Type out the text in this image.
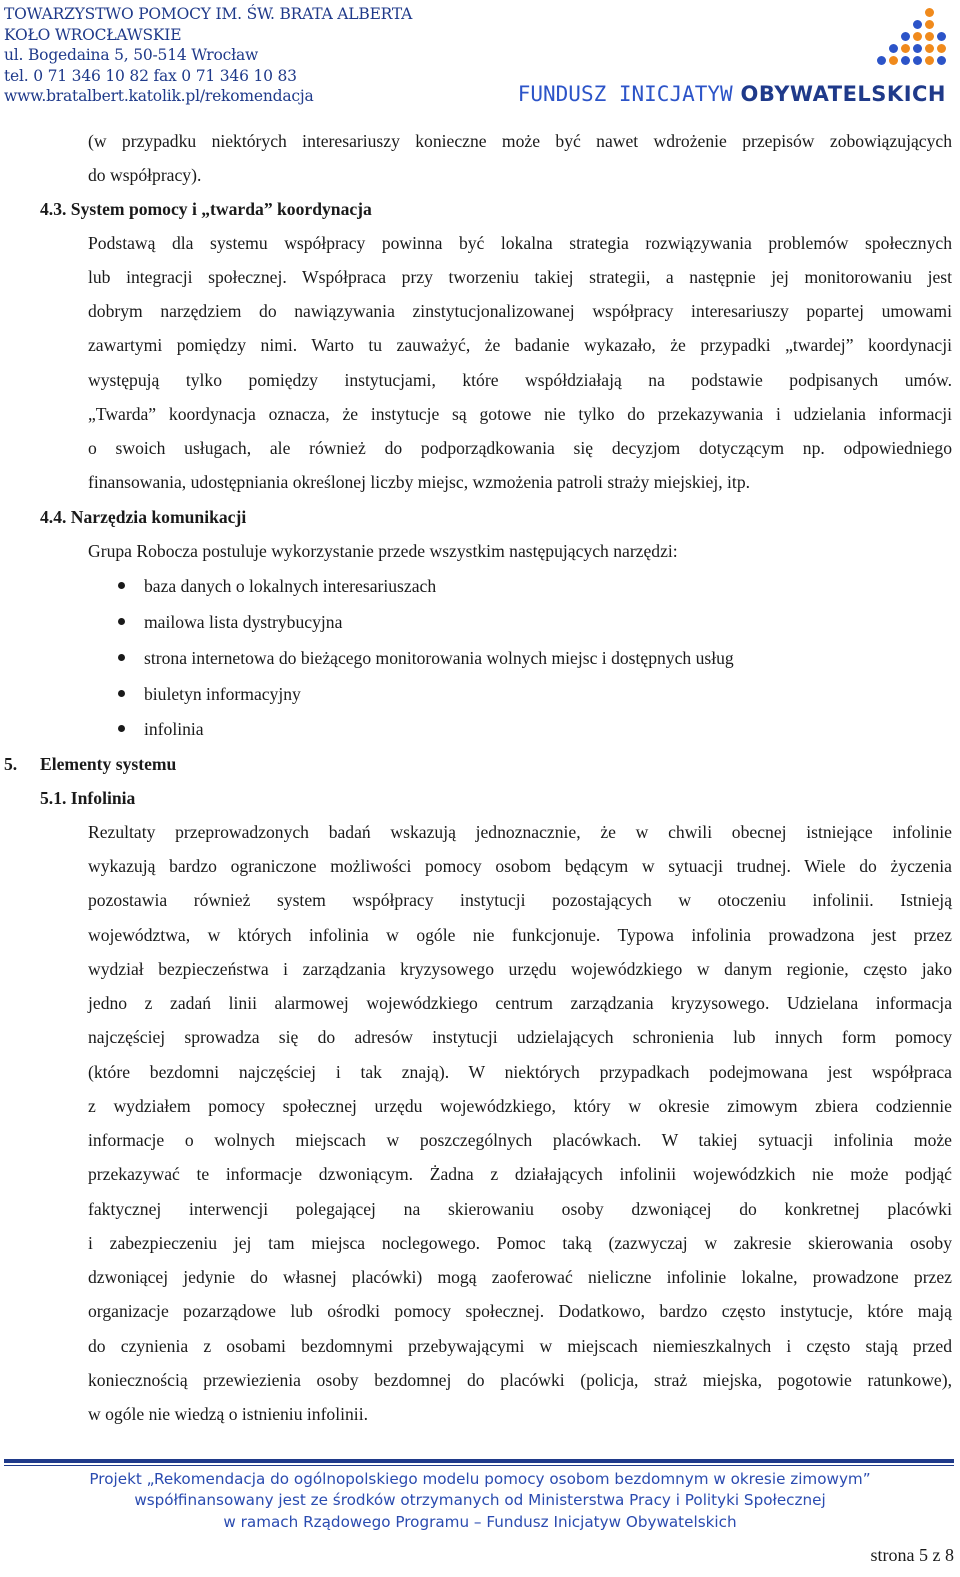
TOWARZYSTWO POMOCY IM. ŚW. BRATA ALBERTA
KOŁO WROCŁAWSKIE
ul. Bogedaina 5, 50-514 Wrocław
tel. 0 71 346 10 82 fax 0 71 346 10 83
www.bratalbert.katolik.pl/rekomendacja	FUNDUSZ INICJATYW OBYWATELSKICH
(w przypadku niektórych interesariuszy konieczne może być nawet wdrożenie przepisów zobowiązujących
do współpracy).
4.3. System pomocy i „twarda” koordynacja
Podstawą dla systemu współpracy powinna być lokalna strategia rozwiązywania problemów społecznych
lub integracji społecznej. Współpraca przy tworzeniu takiej strategii, a następnie jej monitorowaniu jest
dobrym narzędziem do nawiązywania zinstytucjonalizowanej współpracy interesariuszy popartej umowami
zawartymi pomiędzy nimi. Warto tu zauważyć, że badanie wykazało, że przypadki „twardej” koordynacji
występują tylko pomiędzy instytucjami, które współdziałają na podstawie podpisanych umów.
„Twarda” koordynacja oznacza, że instytucje są gotowe nie tylko do przekazywania i udzielania informacji
o swoich usługach, ale również do podporządkowania się decyzjom dotyczącym np. odpowiedniego
finansowania, udostępniania określonej liczby miejsc, wzmożenia patroli straży miejskiej, itp.
4.4. Narzędzia komunikacji
Grupa Robocza postuluje wykorzystanie przede wszystkim następujących narzędzi:
baza danych o lokalnych interesariuszach
mailowa lista dystrybucyjna
strona internetowa do bieżącego monitorowania wolnych miejsc i dostępnych usług
biuletyn informacyjny
infolinia
5. Elementy systemu
5.1. Infolinia
Rezultaty przeprowadzonych badań wskazują jednoznacznie, że w chwili obecnej istniejące infolinie
wykazują bardzo ograniczone możliwości pomocy osobom będącym w sytuacji trudnej. Wiele do życzenia
pozostawia również system współpracy instytucji pozostających w otoczeniu infolinii. Istnieją
województwa, w których infolinia w ogóle nie funkcjonuje. Typowa infolinia prowadzona jest przez
wydział bezpieczeństwa i zarządzania kryzysowego urzędu wojewódzkiego w danym regionie, często jako
jedno z zadań linii alarmowej wojewódzkiego centrum zarządzania kryzysowego. Udzielana informacja
najczęściej sprowadza się do adresów instytucji udzielających schronienia lub innych form pomocy
(które bezdomni najczęściej i tak znają). W niektórych przypadkach podejmowana jest współpraca
z wydziałem pomocy społecznej urzędu wojewódzkiego, który w okresie zimowym zbiera codziennie
informacje o wolnych miejscach w poszczególnych placówkach. W takiej sytuacji infolinia może
przekazywać te informacje dzwoniącym. Żadna z działających infolinii wojewódzkich nie może podjąć
faktycznej interwencji polegającej na skierowaniu osoby dzwoniącej do konkretnej placówki
i zabezpieczeniu jej tam miejsca noclegowego. Pomoc taką (zazwyczaj w zakresie skierowania osoby
dzwoniącej jedynie do własnej placówki) mogą zaoferować nieliczne infolinie lokalne, prowadzone przez
organizacje pozarządowe lub ośrodki pomocy społecznej. Dodatkowo, bardzo często instytucje, które mają
do czynienia z osobami bezdomnymi przebywającymi w miejscach niemieszkalnych i często stają przed
koniecznością przewiezienia osoby bezdomnej do placówki (policja, straż miejska, pogotowie ratunkowe),
w ogóle nie wiedzą o istnieniu infolinii.
Projekt „Rekomendacja do ogólnopolskiego modelu pomocy osobom bezdomnym w okresie zimowym”
współfinansowany jest ze środków otrzymanych od Ministerstwa Pracy i Polityki Społecznej
w ramach Rządowego Programu – Fundusz Inicjatyw Obywatelskich
strona 5 z 8
